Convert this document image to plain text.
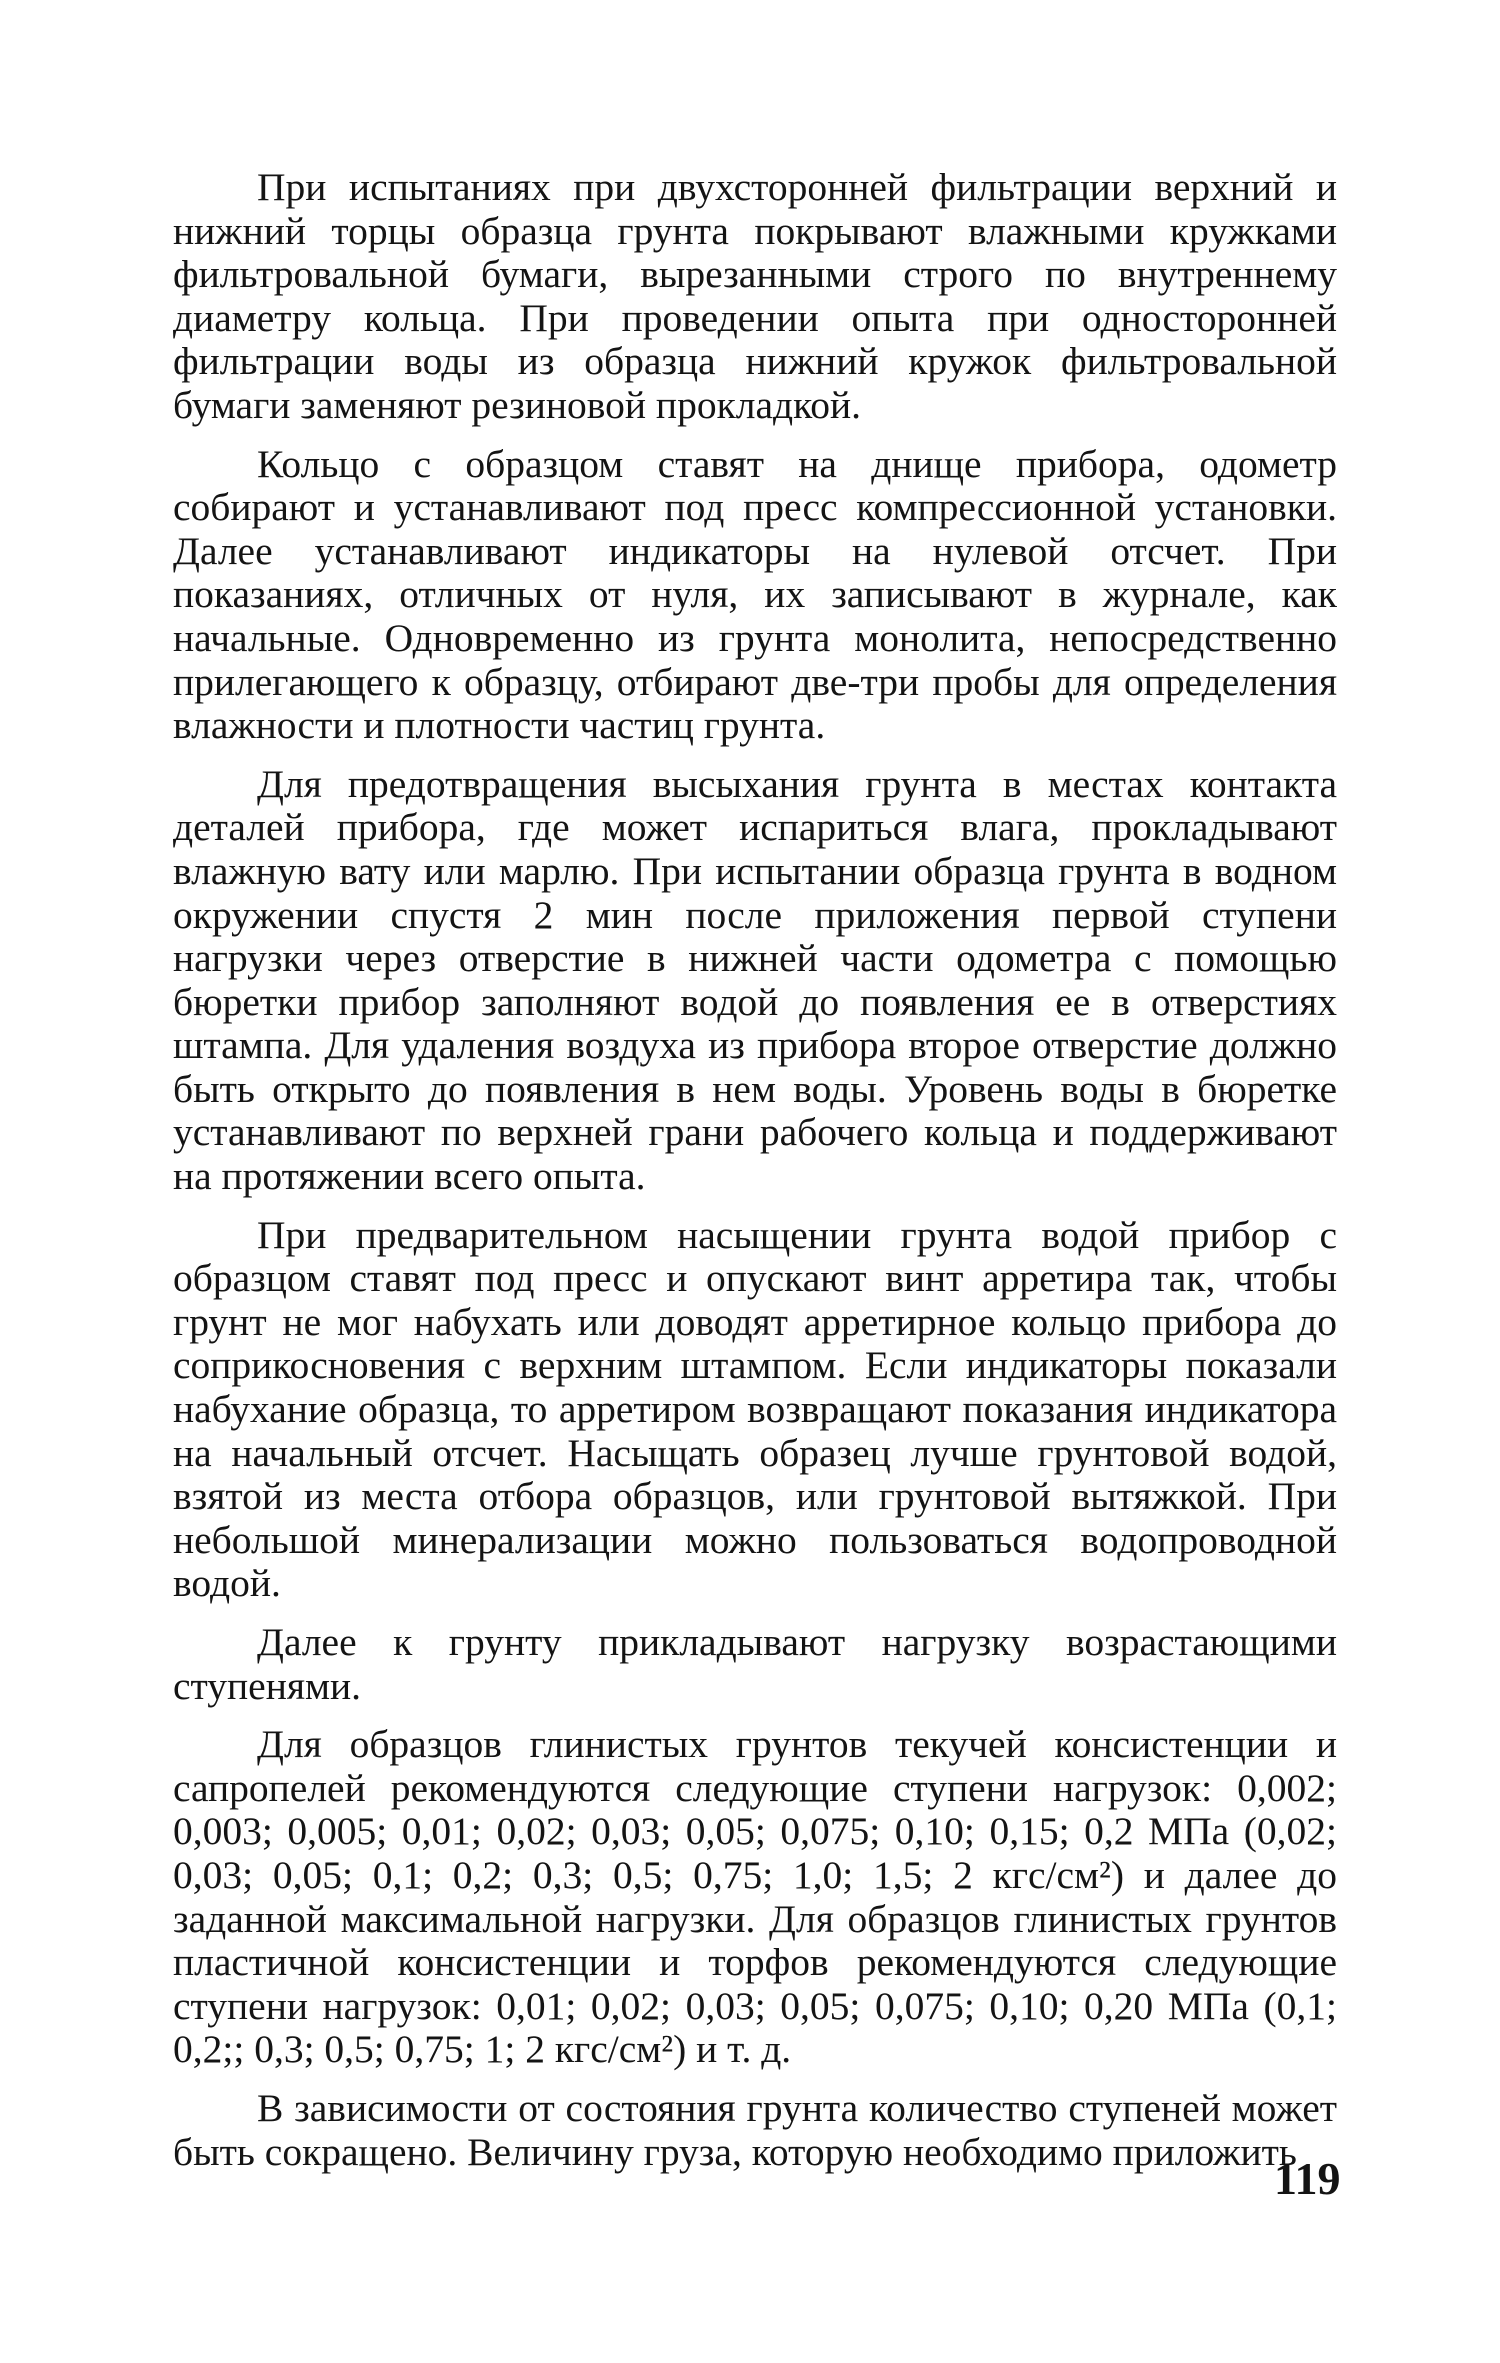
При испытаниях при двухсторонней фильтрации верхний и нижний торцы образца грунта покрывают влажными кружками фильтровальной бумаги, вырезанными строго по внутреннему диаметру кольца. При проведении опыта при односторонней фильтрации воды из образца нижний кружок фильтровальной бумаги заменяют резиновой прокладкой.

Кольцо с образцом ставят на днище прибора, одометр собирают и устанавливают под пресс компрессионной установки. Далее устанавливают индикаторы на нулевой отсчет. При показаниях, отличных от нуля, их записывают в журнале, как начальные. Одновременно из грунта монолита, непосредственно прилегающего к образцу, отбирают две-три пробы для определения влажности и плотности частиц грунта.

Для предотвращения высыхания грунта в местах контакта деталей прибора, где может испариться влага, прокладывают влажную вату или марлю. При испытании образца грунта в водном окружении спустя 2 мин после приложения первой ступени нагрузки через отверстие в нижней части одометра с помощью бюретки прибор заполняют водой до появления ее в отверстиях штампа. Для удаления воздуха из прибора второе отверстие должно быть открыто до появления в нем воды. Уровень воды в бюретке устанавливают по верхней грани рабочего кольца и поддерживают на протяжении всего опыта.

При предварительном насыщении грунта водой прибор с образцом ставят под пресс и опускают винт арретира так, чтобы грунт не мог набухать или доводят арретирное кольцо прибора до соприкосновения с верхним штампом. Если индикаторы показали набухание образца, то арретиром возвращают показания индикатора на начальный отсчет. Насыщать образец лучше грунтовой водой, взятой из места отбора образцов, или грунтовой вытяжкой. При небольшой минерализации можно пользоваться водопроводной водой.

Далее к грунту прикладывают нагрузку возрастающими ступенями.

Для образцов глинистых грунтов текучей консистенции и сапропелей рекомендуются следующие ступени нагрузок: 0,002; 0,003; 0,005; 0,01; 0,02; 0,03; 0,05; 0,075; 0,10; 0,15; 0,2 МПа (0,02; 0,03; 0,05; 0,1; 0,2; 0,3; 0,5; 0,75; 1,0; 1,5; 2 кгс/см²) и далее до заданной максимальной нагрузки. Для образцов глинистых грунтов пластичной консистенции и торфов рекомендуются следующие ступени нагрузок: 0,01; 0,02; 0,03; 0,05; 0,075; 0,10; 0,20 МПа (0,1; 0,2;; 0,3; 0,5; 0,75; 1; 2 кгс/см²) и т. д.

В зависимости от состояния грунта количество ступеней может быть сокращено. Величину груза, которую необходимо приложить

119
